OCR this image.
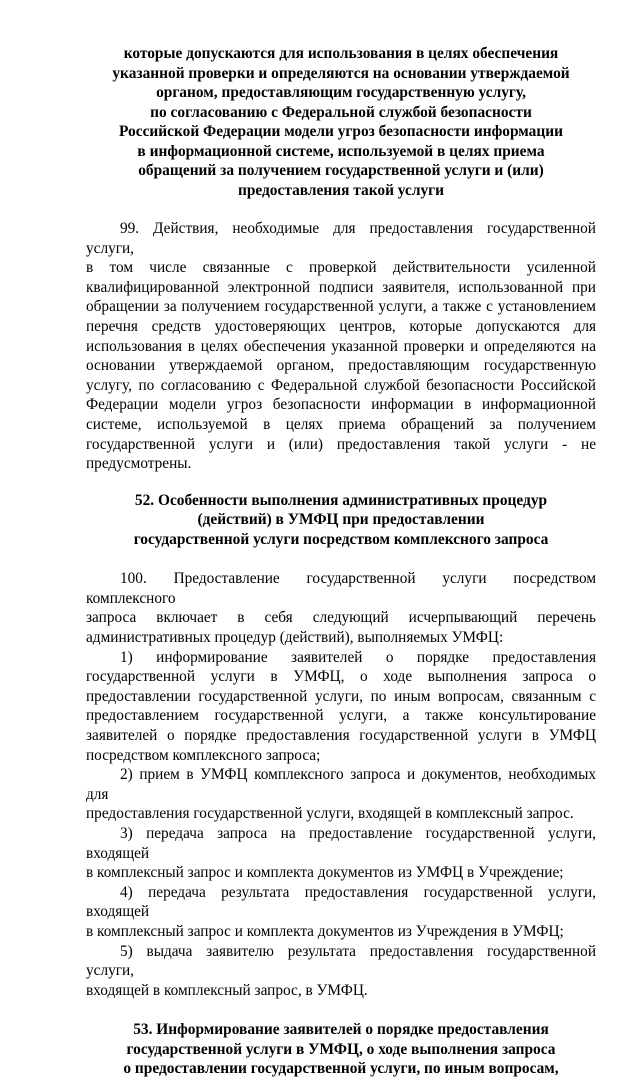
которые допускаются для использования в целях обеспечения
указанной проверки и определяются на основании утверждаемой
органом, предоставляющим государственную услугу,
по согласованию с Федеральной службой безопасности
Российской Федерации модели угроз безопасности информации
в информационной системе, используемой в целях приема
обращений за получением государственной услуги и (или)
предоставления такой услуги
99. Действия, необходимые для предоставления государственной услуги,
в том числе связанные с проверкой действительности усиленной
квалифицированной электронной подписи заявителя, использованной при
обращении за получением государственной услуги, а также с установлением
перечня средств удостоверяющих центров, которые допускаются для
использования в целях обеспечения указанной проверки и определяются на
основании утверждаемой органом, предоставляющим государственную
услугу, по согласованию с Федеральной службой безопасности Российской
Федерации модели угроз безопасности информации в информационной
системе, используемой в целях приема обращений за получением
государственной услуги и (или) предоставления такой услуги - не
предусмотрены.
52. Особенности выполнения административных процедур
(действий) в УМФЦ при предоставлении
государственной услуги посредством комплексного запроса
100. Предоставление государственной услуги посредством комплексного
запроса включает в себя следующий исчерпывающий перечень
административных процедур (действий), выполняемых УМФЦ:
1) информирование заявителей о порядке предоставления
государственной услуги в УМФЦ, о ходе выполнения запроса о
предоставлении государственной услуги, по иным вопросам, связанным с
предоставлением государственной услуги, а также консультирование
заявителей о порядке предоставления государственной услуги в УМФЦ
посредством комплексного запроса;
2) прием в УМФЦ комплексного запроса и документов, необходимых для
предоставления государственной услуги, входящей в комплексный запрос.
3) передача запроса на предоставление государственной услуги, входящей
в комплексный запрос и комплекта документов из УМФЦ в Учреждение;
4) передача результата предоставления государственной услуги, входящей
в комплексный запрос и комплекта документов из Учреждения в УМФЦ;
5) выдача заявителю результата предоставления государственной услуги,
входящей в комплексный запрос, в УМФЦ.
53. Информирование заявителей о порядке предоставления
государственной услуги в УМФЦ, о ходе выполнения запроса
о предоставлении государственной услуги, по иным вопросам,
